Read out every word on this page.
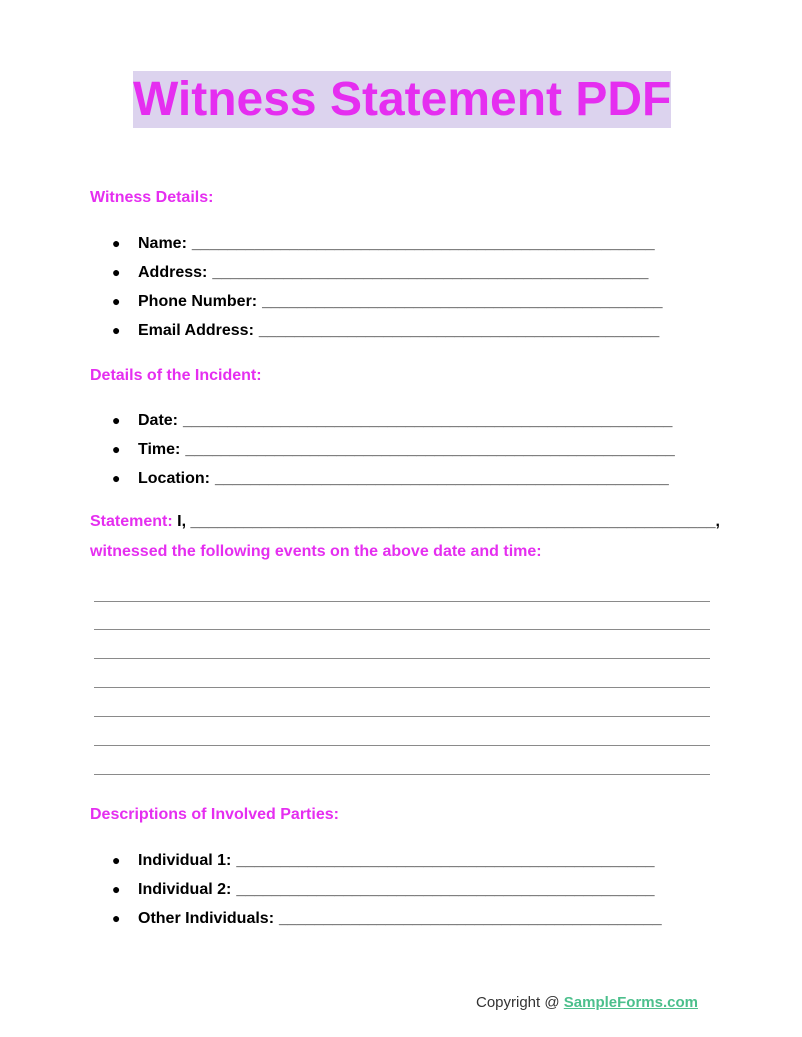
Witness Statement PDF
Witness Details:
● Name: ____________________________________________________
● Address: _________________________________________________
● Phone Number: _____________________________________________
● Email Address: _____________________________________________
Details of the Incident:
● Date: _______________________________________________________
● Time: _______________________________________________________
● Location: ___________________________________________________
Statement: I, ___________________________________________________________,
witnessed the following events on the above date and time:
Descriptions of Involved Parties:
● Individual 1: _______________________________________________
● Individual 2: _______________________________________________
● Other Individuals: ___________________________________________
Copyright @ SampleForms.com
